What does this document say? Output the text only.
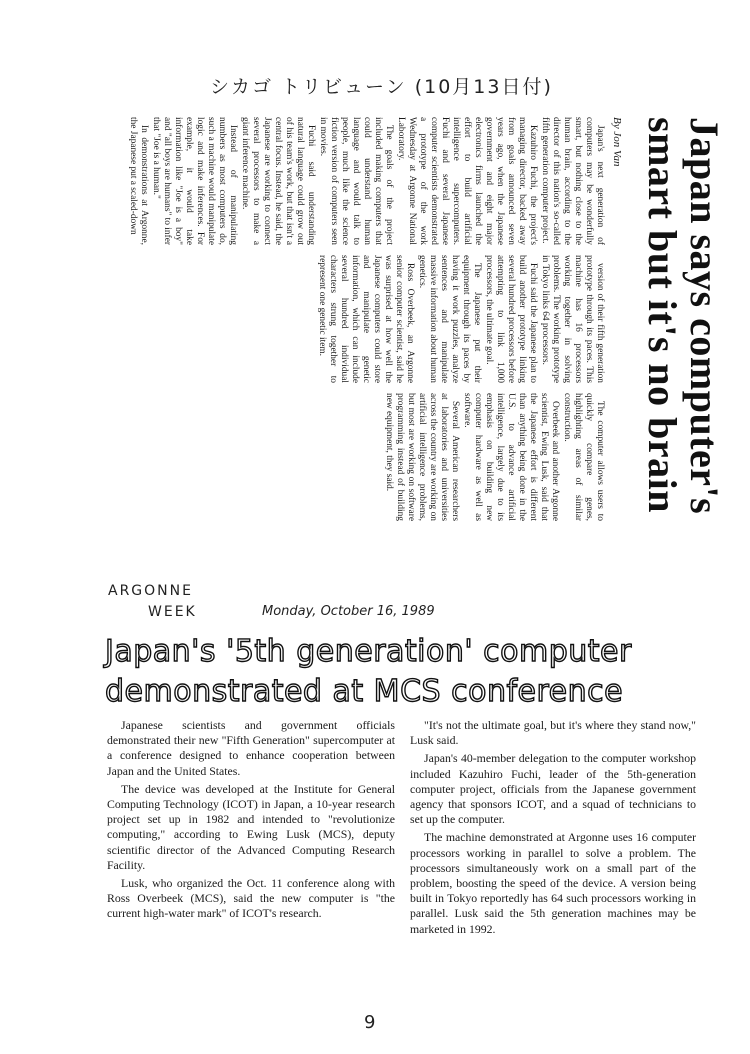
シカゴ トリビューン (10月13日付)
Japan says computer's
smart but it's no brain
By Jon Van

Japan's next generation of computers may be wonderfully smart, but nothing close to the human brain, according to the director of this nation's so-called fifth generation computer project.

Kazuhiro Fuchi, the project's managing director, backed away from goals announced seven years ago, when the Japanese government and eight major electronics firms launched the effort to build artificial intelligence supercomputers. Fuchi and several Japanese computer scientists demonstrated a prototype of the work Wednesday at Argonne National Laboratory.

The goals of the project included making computers that could understand human language and would talk to people, much like the science fiction version of computers seen in movies.

Fuchi said understanding natural language could grow out of his team's work, but that isn't a central focus. Instead, he said, the Japanese are working to connect several processors to make a giant inference machine.

Instead of manipulating numbers as most computers do, such a machine would manipulate logic and make inferences. For example, it would take information like "Joe is a boy" and "all boys are humans" to infer that "Joe is a human."

In demonstrations at Argonne, the Japanese put a scaled-down

version of their fifth generation prototype through its paces. This machine has 16 processors working together in solving problems. The working prototype in Tokyo links 64 processors.

Fuchi said the Japanese plan to build another prototype linking several hundred processors before attempting to link 1,000 processors, the ultimate goal.

The Japanese put their equipment through its paces by having it work puzzles, analyze sentences and manipulate massive information about human genetics.

Ross Overbeek, an Argonne senior computer scientist, said he was surprised at how well the Japanese computers could store and manipulate genetic information, which can include several hundred individual characters strung together to represent one genetic item.

The computer allows users to quickly compare genes, highlighting areas of similar construction.

Overbeek and another Argonne scientist, Ewing Lusk, said that the Japanese effort is different than anything being done in the U.S. to advance artificial intelligence, largely due to its emphasis on building new computer hardware as well as software.

Several American researchers at laboratories and universities across the country are working on artificial intelligence problems, but most are working on software programming instead of building new equipment, they said.

ARGONNE
WEEK	Monday, October 16, 1989
Japan's '5th generation' computer
demonstrated at MCS conference

Japanese scientists and government officials demonstrated their new "Fifth Generation" supercomputer at a conference designed to enhance cooperation between Japan and the United States.

The device was developed at the Institute for General Computing Technology (ICOT) in Japan, a 10-year research project set up in 1982 and intended to "revolutionize computing," according to Ewing Lusk (MCS), deputy scientific director of the Advanced Computing Research Facility.

Lusk, who organized the Oct. 11 conference along with Ross Overbeek (MCS), said the new computer is "the current high-water mark" of ICOT's research.

"It's not the ultimate goal, but it's where they stand now," Lusk said.

Japan's 40-member delegation to the computer workshop included Kazuhiro Fuchi, leader of the 5th-generation computer project, officials from the Japanese government agency that sponsors ICOT, and a squad of technicians to set up the computer.

The machine demonstrated at Argonne uses 16 computer processors working in parallel to solve a problem. The processors simultaneously work on a small part of the problem, boosting the speed of the device. A version being built in Tokyo reportedly has 64 such processors working in parallel. Lusk said the 5th generation machines may be marketed in 1992.

9
